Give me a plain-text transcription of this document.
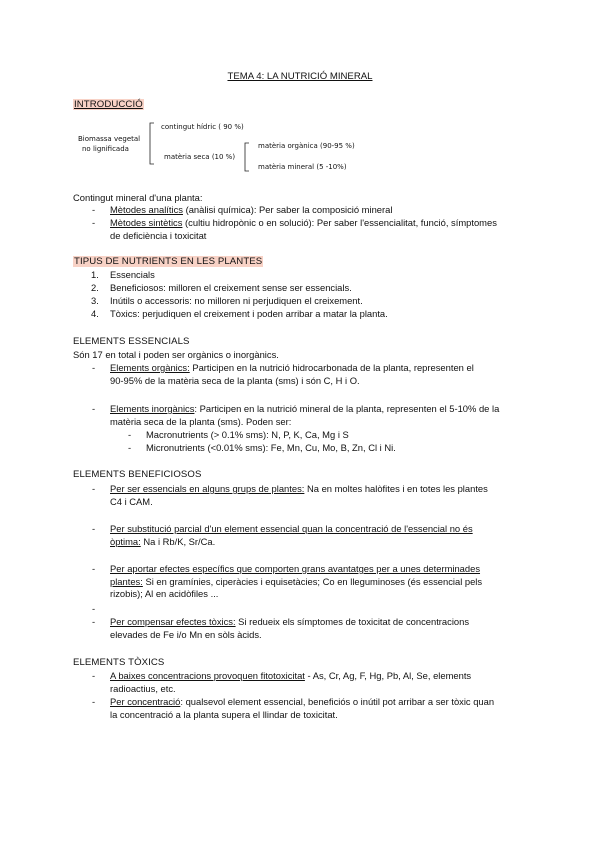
TEMA 4: LA NUTRICIÓ MINERAL
INTRODUCCIÓ
Biomassa vegetal
no lignificada
contingut hídric ( 90 %)
matèria seca (10 %)
matèria orgànica (90-95 %)
matèria mineral (5 -10%)
Contingut mineral d'una planta:
- Mètodes analítics (anàlisi química): Per saber la composició mineral
- Mètodes sintètics (cultiu hidropònic o en solució): Per saber l'essencialitat, funció, símptomes
de deficiència i toxicitat
TIPUS DE NUTRIENTS EN LES PLANTES
1. Essencials
2. Beneficiosos: milloren el creixement sense ser essencials.
3. Inútils o accessoris: no milloren ni perjudiquen el creixement.
4. Tòxics: perjudiquen el creixement i poden arribar a matar la planta.
ELEMENTS ESSENCIALS
Són 17 en total i poden ser orgànics o inorgànics.
- Elements orgànics: Participen en la nutrició hidrocarbonada de la planta, representen el
90-95% de la matèria seca de la planta (sms) i són C, H i O.
- Elements inorgànics: Participen en la nutrició mineral de la planta, representen el 5-10% de la
matèria seca de la planta (sms). Poden ser:
- Macronutrients (> 0.1% sms): N, P, K, Ca, Mg i S
- Micronutrients (<0.01% sms): Fe, Mn, Cu, Mo, B, Zn, Cl i Ni.
ELEMENTS BENEFICIOSOS
- Per ser essencials en alguns grups de plantes: Na en moltes halòfites i en totes les plantes
C4 i CAM.
- Per substitució parcial d'un element essencial quan la concentració de l'essencial no és
òptima: Na i Rb/K, Sr/Ca.
- Per aportar efectes específics que comporten grans avantatges per a unes determinades
plantes: Si en gramínies, ciperàcies i equisetàcies; Co en lleguminoses (és essencial pels
rizobis); Al en acidòfiles ...
-
- Per compensar efectes tòxics: Si redueix els símptomes de toxicitat de concentracions
elevades de Fe i/o Mn en sòls àcids.
ELEMENTS TÒXICS
- A baixes concentracions provoquen fitotoxicitat - As, Cr, Ag, F, Hg, Pb, Al, Se, elements
radioactius, etc.
- Per concentració: qualsevol element essencial, beneficiós o inútil pot arribar a ser tòxic quan
la concentració a la planta supera el llindar de toxicitat.
